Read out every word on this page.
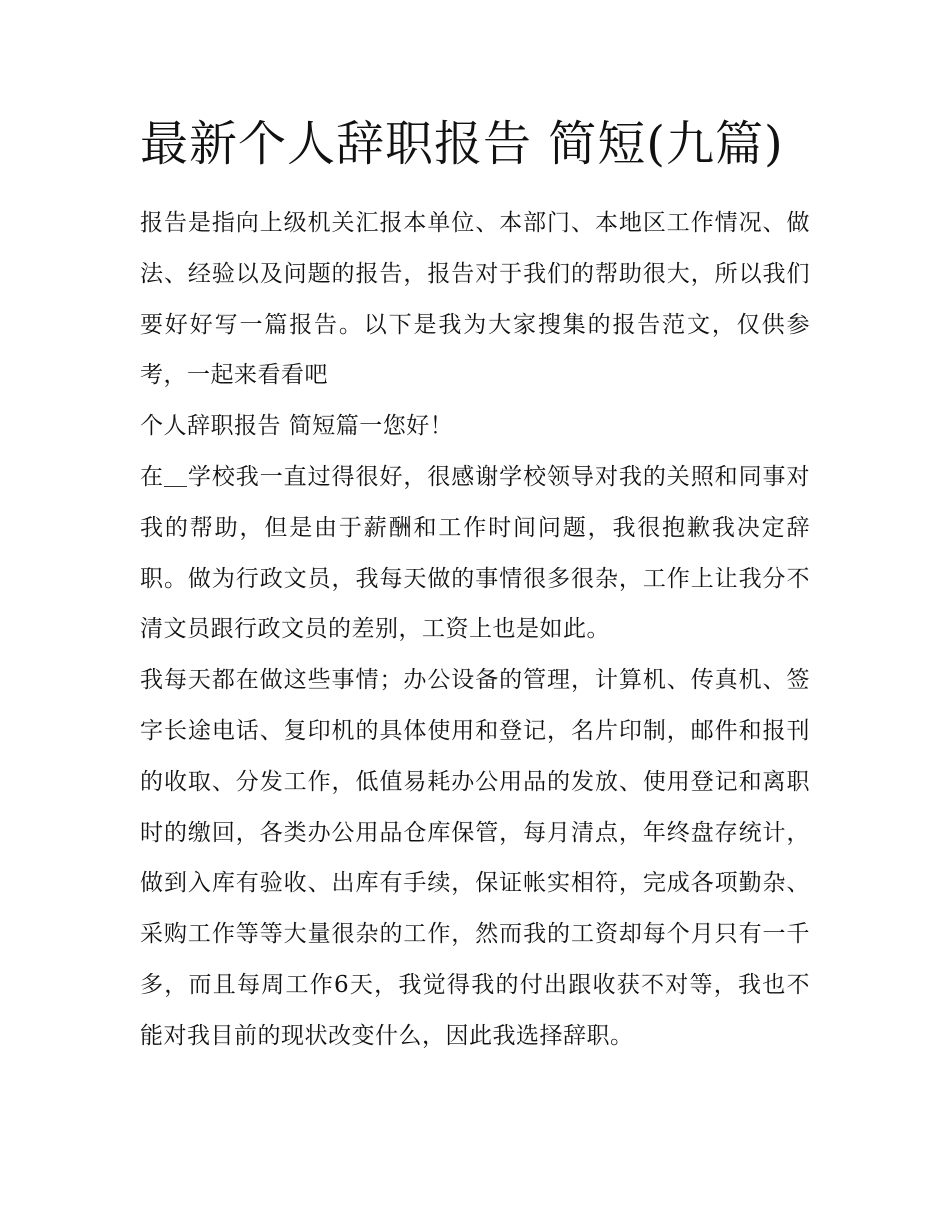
最新个人辞职报告 简短(九篇)

报告是指向上级机关汇报本单位、本部门、本地区工作情况、做法、经验以及问题的报告，报告对于我们的帮助很大，所以我们要好好写一篇报告。以下是我为大家搜集的报告范文，仅供参考，一起来看看吧

个人辞职报告 简短篇一您好！

在＿学校我一直过得很好，很感谢学校领导对我的关照和同事对我的帮助，但是由于薪酬和工作时间问题，我很抱歉我决定辞职。做为行政文员，我每天做的事情很多很杂，工作上让我分不清文员跟行政文员的差别，工资上也是如此。

我每天都在做这些事情；办公设备的管理，计算机、传真机、签字长途电话、复印机的具体使用和登记，名片印制，邮件和报刊的收取、分发工作，低值易耗办公用品的发放、使用登记和离职时的缴回，各类办公用品仓库保管，每月清点，年终盘存统计，做到入库有验收、出库有手续，保证帐实相符，完成各项勤杂、采购工作等等大量很杂的工作，然而我的工资却每个月只有一千多，而且每周工作6天，我觉得我的付出跟收获不对等，我也不能对我目前的现状改变什么，因此我选择辞职。
